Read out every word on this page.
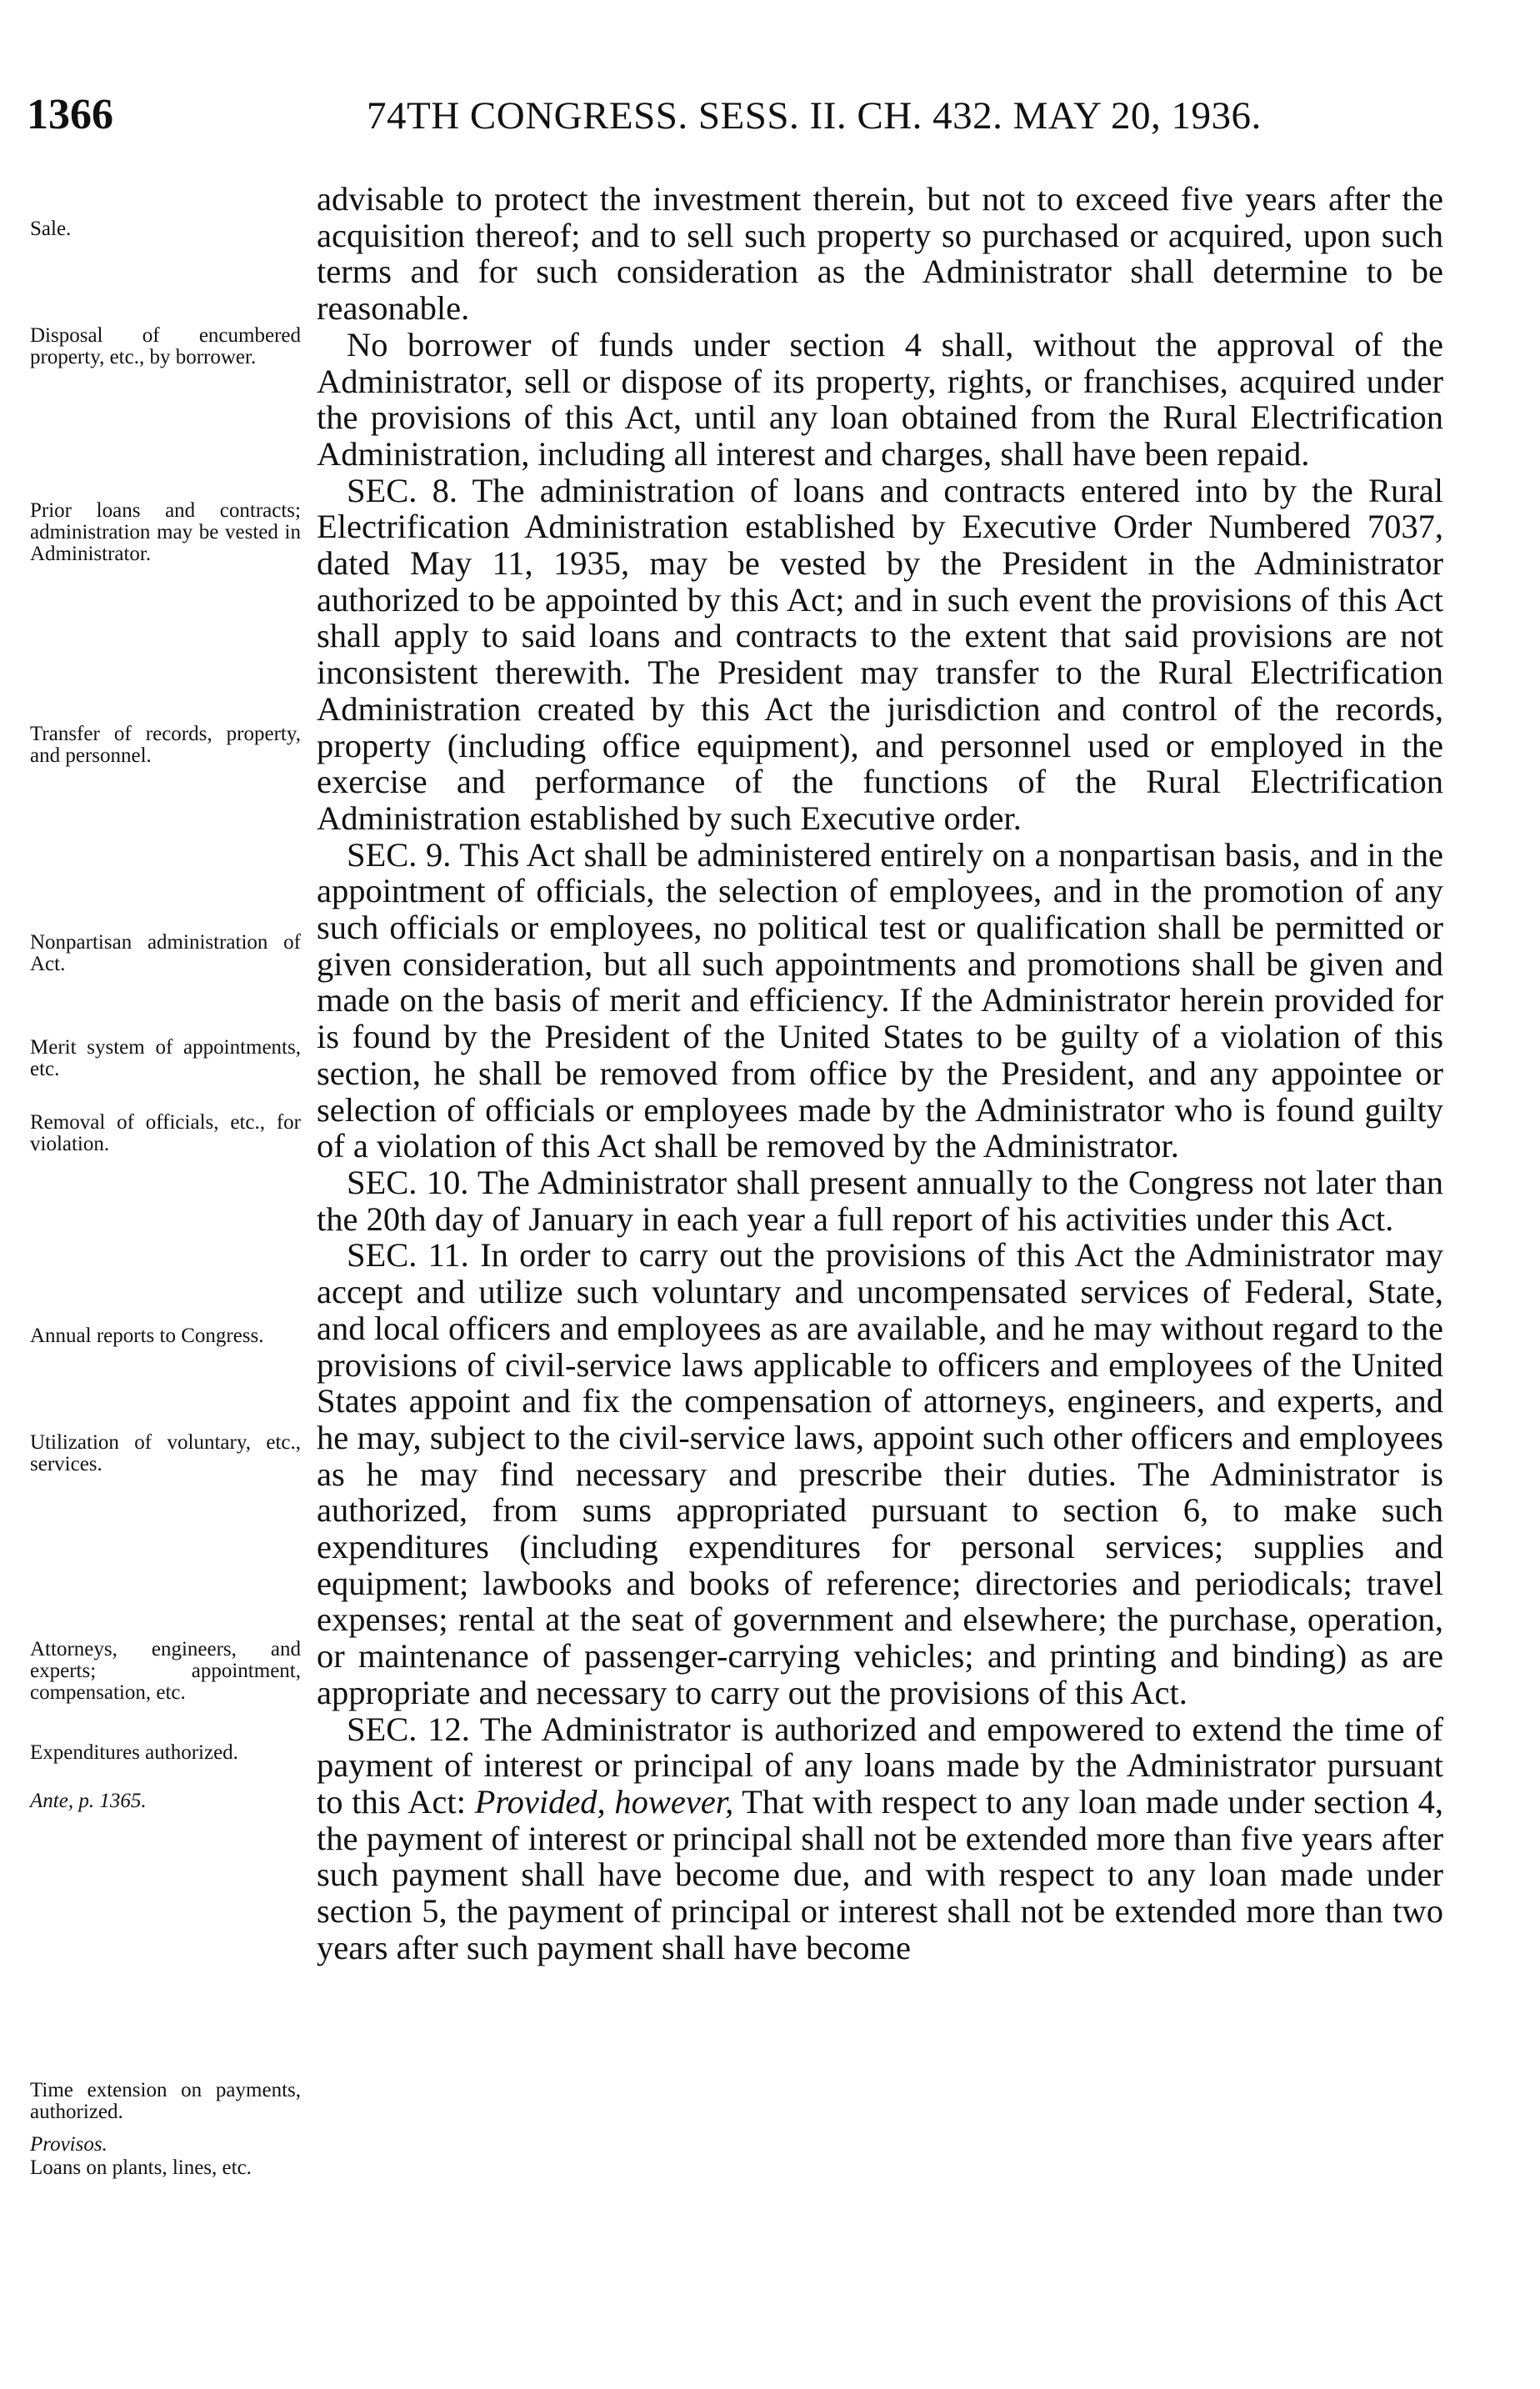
1366	74TH CONGRESS. SESS. II. CH. 432. MAY 20, 1936.
Sale.
Disposal of encumbered property, etc., by borrower.
Prior loans and contracts; administration may be vested in Administrator.
Transfer of records, property, and personnel.
Nonpartisan administration of Act.
Merit system of appointments, etc.
Removal of officials, etc., for violation.
Annual reports to Congress.
Utilization of voluntary, etc., services.
Attorneys, engineers, and experts; appointment, compensation, etc.
Expenditures authorized.
Ante, p. 1365.
Time extension on payments, authorized.
Provisos.
Loans on plants, lines, etc.

advisable to protect the investment therein, but not to exceed five years after the acquisition thereof; and to sell such property so purchased or acquired, upon such terms and for such consideration as the Administrator shall determine to be reasonable.

No borrower of funds under section 4 shall, without the approval of the Administrator, sell or dispose of its property, rights, or franchises, acquired under the provisions of this Act, until any loan obtained from the Rural Electrification Administration, including all interest and charges, shall have been repaid.

SEC. 8. The administration of loans and contracts entered into by the Rural Electrification Administration established by Executive Order Numbered 7037, dated May 11, 1935, may be vested by the President in the Administrator authorized to be appointed by this Act; and in such event the provisions of this Act shall apply to said loans and contracts to the extent that said provisions are not inconsistent therewith. The President may transfer to the Rural Electrification Administration created by this Act the jurisdiction and control of the records, property (including office equipment), and personnel used or employed in the exercise and performance of the functions of the Rural Electrification Administration established by such Executive order.

SEC. 9. This Act shall be administered entirely on a nonpartisan basis, and in the appointment of officials, the selection of employees, and in the promotion of any such officials or employees, no political test or qualification shall be permitted or given consideration, but all such appointments and promotions shall be given and made on the basis of merit and efficiency. If the Administrator herein provided for is found by the President of the United States to be guilty of a violation of this section, he shall be removed from office by the President, and any appointee or selection of officials or employees made by the Administrator who is found guilty of a violation of this Act shall be removed by the Administrator.

SEC. 10. The Administrator shall present annually to the Congress not later than the 20th day of January in each year a full report of his activities under this Act.

SEC. 11. In order to carry out the provisions of this Act the Administrator may accept and utilize such voluntary and uncompensated services of Federal, State, and local officers and employees as are available, and he may without regard to the provisions of civil-service laws applicable to officers and employees of the United States appoint and fix the compensation of attorneys, engineers, and experts, and he may, subject to the civil-service laws, appoint such other officers and employees as he may find necessary and prescribe their duties. The Administrator is authorized, from sums appropriated pursuant to section 6, to make such expenditures (including expenditures for personal services; supplies and equipment; lawbooks and books of reference; directories and periodicals; travel expenses; rental at the seat of government and elsewhere; the purchase, operation, or maintenance of passenger-carrying vehicles; and printing and binding) as are appropriate and necessary to carry out the provisions of this Act.

SEC. 12. The Administrator is authorized and empowered to extend the time of payment of interest or principal of any loans made by the Administrator pursuant to this Act: Provided, however, That with respect to any loan made under section 4, the payment of interest or principal shall not be extended more than five years after such payment shall have become due, and with respect to any loan made under section 5, the payment of principal or interest shall not be extended more than two years after such payment shall have become
